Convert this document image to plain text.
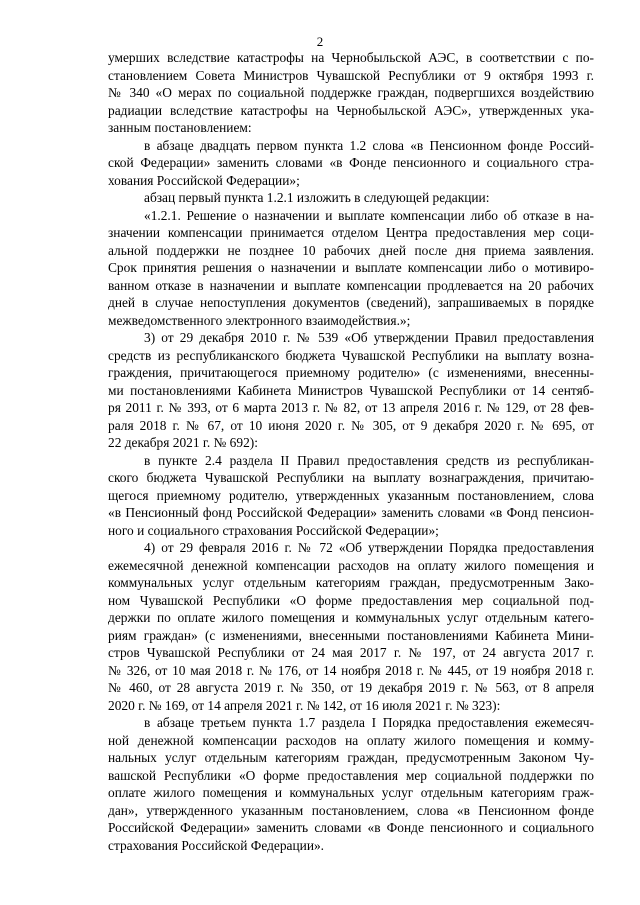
2
умерших вследствие катастрофы на Чернобыльской АЭС, в соответствии с по-
становлением Совета Министров Чувашской Республики от 9 октября 1993 г.
№ 340 «О мерах по социальной поддержке граждан, подвергшихся воздействию
радиации вследствие катастрофы на Чернобыльской АЭС», утвержденных ука-
занным постановлением:
в абзаце двадцать первом пункта 1.2 слова «в Пенсионном фонде Россий-
ской Федерации» заменить словами «в Фонде пенсионного и социального стра-
хования Российской Федерации»;
абзац первый пункта 1.2.1 изложить в следующей редакции:
«1.2.1. Решение о назначении и выплате компенсации либо об отказе в на-
значении компенсации принимается отделом Центра предоставления мер соци-
альной поддержки не позднее 10 рабочих дней после дня приема заявления.
Срок принятия решения о назначении и выплате компенсации либо о мотивиро-
ванном отказе в назначении и выплате компенсации продлевается на 20 рабочих
дней в случае непоступления документов (сведений), запрашиваемых в порядке
межведомственного электронного взаимодействия.»;
3) от 29 декабря 2010 г. № 539 «Об утверждении Правил предоставления
средств из республиканского бюджета Чувашской Республики на выплату возна-
граждения, причитающегося приемному родителю» (с изменениями, внесенны-
ми постановлениями Кабинета Министров Чувашской Республики от 14 сентяб-
ря 2011 г. № 393, от 6 марта 2013 г. № 82, от 13 апреля 2016 г. № 129, от 28 фев-
раля 2018 г. № 67, от 10 июня 2020 г. № 305, от 9 декабря 2020 г. № 695, от
22 декабря 2021 г. № 692):
в пункте 2.4 раздела II Правил предоставления средств из республикан-
ского бюджета Чувашской Республики на выплату вознаграждения, причитаю-
щегося приемному родителю, утвержденных указанным постановлением, слова
«в Пенсионный фонд Российской Федерации» заменить словами «в Фонд пенсион-
ного и социального страхования Российской Федерации»;
4) от 29 февраля 2016 г. № 72 «Об утверждении Порядка предоставления
ежемесячной денежной компенсации расходов на оплату жилого помещения и
коммунальных услуг отдельным категориям граждан, предусмотренным Зако-
ном Чувашской Республики «О форме предоставления мер социальной под-
держки по оплате жилого помещения и коммунальных услуг отдельным катего-
риям граждан» (с изменениями, внесенными постановлениями Кабинета Мини-
стров Чувашской Республики от 24 мая 2017 г. № 197, от 24 августа 2017 г.
№ 326, от 10 мая 2018 г. № 176, от 14 ноября 2018 г. № 445, от 19 ноября 2018 г.
№ 460, от 28 августа 2019 г. № 350, от 19 декабря 2019 г. № 563, от 8 апреля
2020 г. № 169, от 14 апреля 2021 г. № 142, от 16 июля 2021 г. № 323):
в абзаце третьем пункта 1.7 раздела I Порядка предоставления ежемесяч-
ной денежной компенсации расходов на оплату жилого помещения и комму-
нальных услуг отдельным категориям граждан, предусмотренным Законом Чу-
вашской Республики «О форме предоставления мер социальной поддержки по
оплате жилого помещения и коммунальных услуг отдельным категориям граж-
дан», утвержденного указанным постановлением, слова «в Пенсионном фонде
Российской Федерации» заменить словами «в Фонде пенсионного и социального
страхования Российской Федерации».
